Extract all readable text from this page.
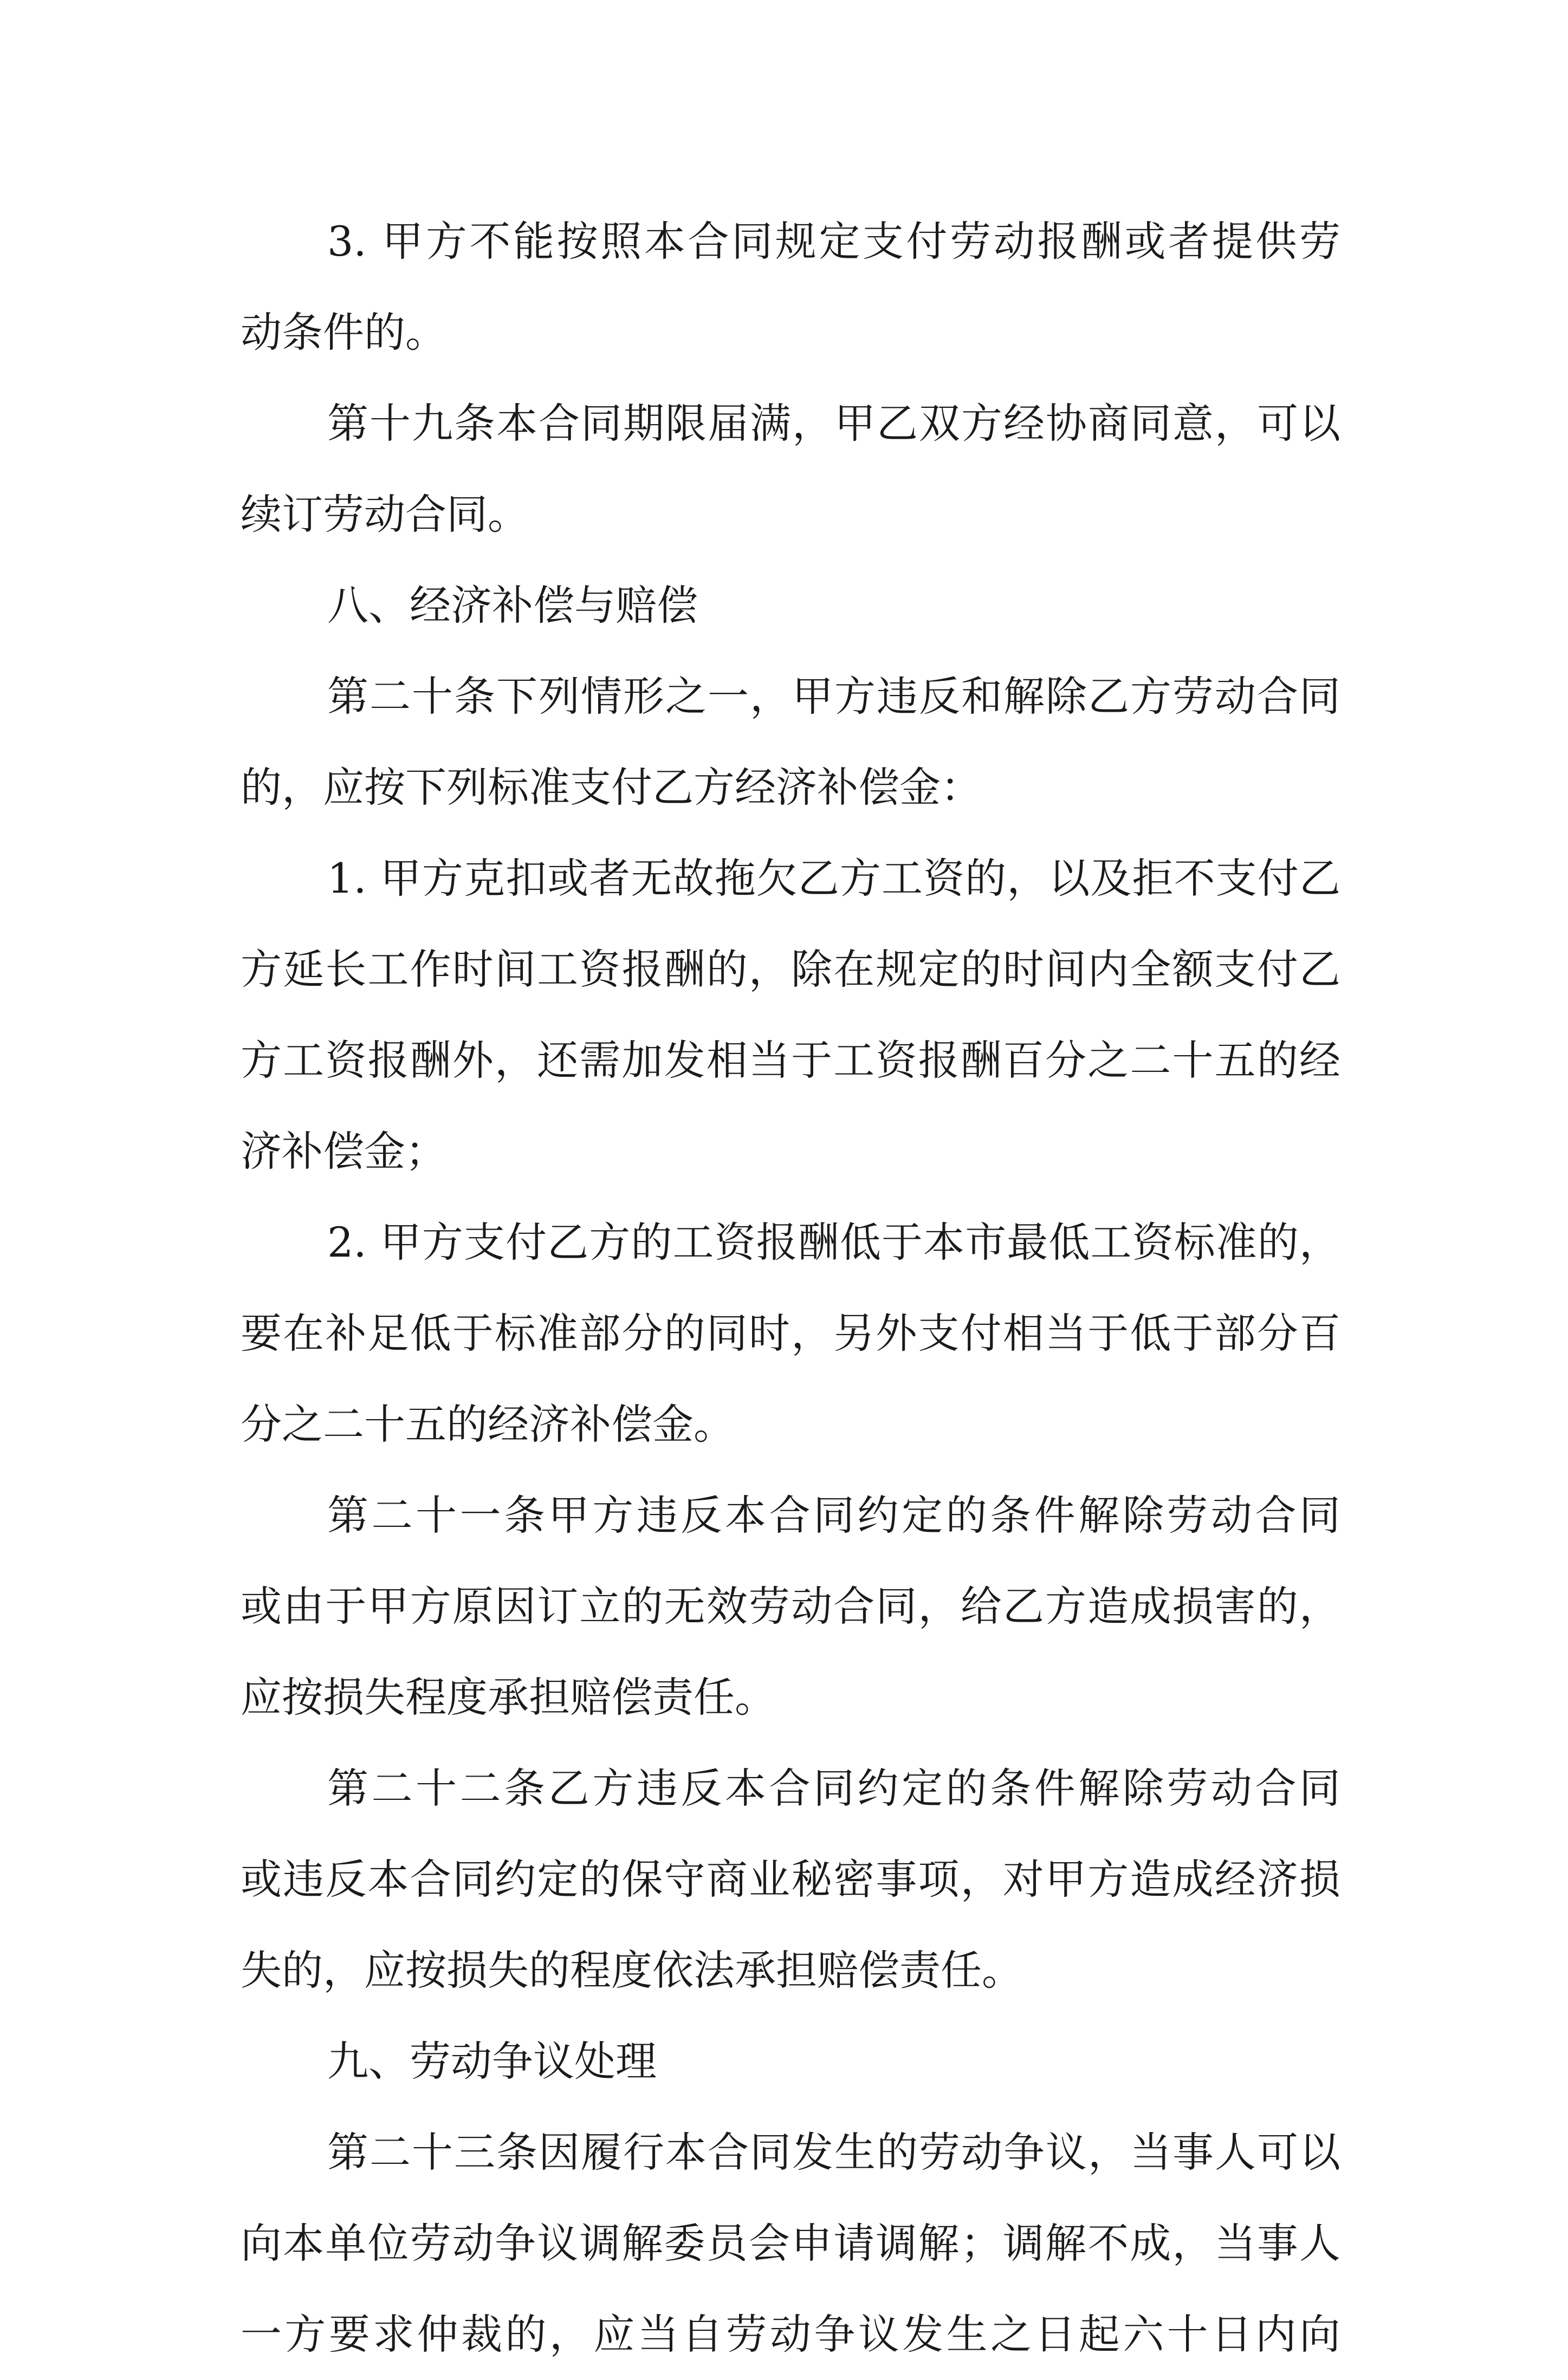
3. 甲方不能按照本合同规定支付劳动报酬或者提供劳
动条件的。
第十九条本合同期限届满，甲乙双方经协商同意，可以
续订劳动合同。
八、经济补偿与赔偿
第二十条下列情形之一，甲方违反和解除乙方劳动合同
的，应按下列标准支付乙方经济补偿金：
1. 甲方克扣或者无故拖欠乙方工资的，以及拒不支付乙
方延长工作时间工资报酬的，除在规定的时间内全额支付乙
方工资报酬外，还需加发相当于工资报酬百分之二十五的经
济补偿金；
2. 甲方支付乙方的工资报酬低于本市最低工资标准的，
要在补足低于标准部分的同时，另外支付相当于低于部分百
分之二十五的经济补偿金。
第二十一条甲方违反本合同约定的条件解除劳动合同
或由于甲方原因订立的无效劳动合同，给乙方造成损害的，
应按损失程度承担赔偿责任。
第二十二条乙方违反本合同约定的条件解除劳动合同
或违反本合同约定的保守商业秘密事项，对甲方造成经济损
失的，应按损失的程度依法承担赔偿责任。
九、劳动争议处理
第二十三条因履行本合同发生的劳动争议，当事人可以
向本单位劳动争议调解委员会申请调解；调解不成，当事人
一方要求仲裁的，应当自劳动争议发生之日起六十日内向
